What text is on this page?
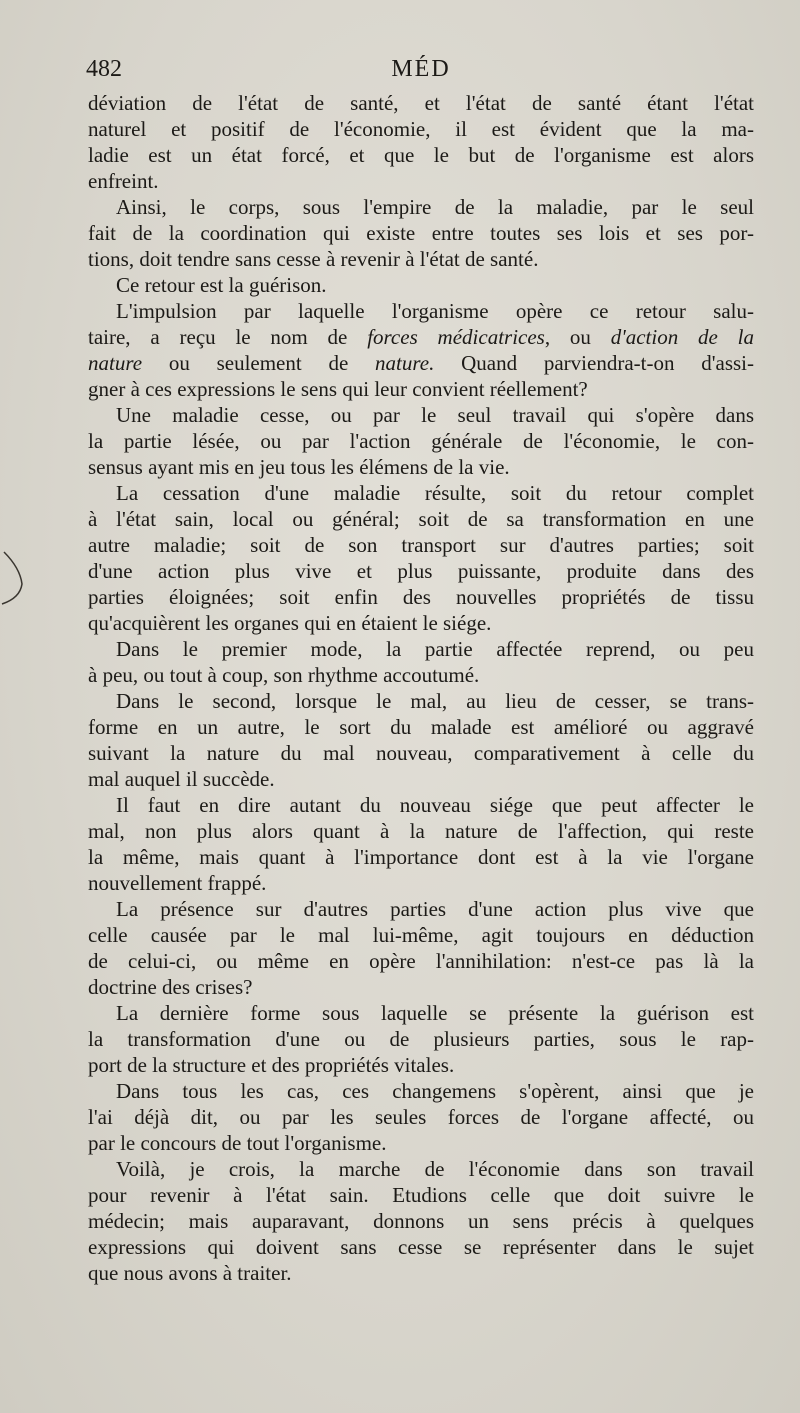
482	MÉD
déviation de l'état de santé, et l'état de santé étant l'état
naturel et positif de l'économie, il est évident que la ma-
ladie est un état forcé, et que le but de l'organisme est alors
enfreint.
Ainsi, le corps, sous l'empire de la maladie, par le seul
fait de la coordination qui existe entre toutes ses lois et ses por-
tions, doit tendre sans cesse à revenir à l'état de santé.
Ce retour est la guérison.
L'impulsion par laquelle l'organisme opère ce retour salu-
taire, a reçu le nom de forces médicatrices, ou d'action de la
nature ou seulement de nature. Quand parviendra-t-on d'assi-
gner à ces expressions le sens qui leur convient réellement?
Une maladie cesse, ou par le seul travail qui s'opère dans
la partie lésée, ou par l'action générale de l'économie, le con-
sensus ayant mis en jeu tous les élémens de la vie.
La cessation d'une maladie résulte, soit du retour complet
à l'état sain, local ou général; soit de sa transformation en une
autre maladie; soit de son transport sur d'autres parties; soit
d'une action plus vive et plus puissante, produite dans des
parties éloignées; soit enfin des nouvelles propriétés de tissu
qu'acquièrent les organes qui en étaient le siége.
Dans le premier mode, la partie affectée reprend, ou peu
à peu, ou tout à coup, son rhythme accoutumé.
Dans le second, lorsque le mal, au lieu de cesser, se trans-
forme en un autre, le sort du malade est amélioré ou aggravé
suivant la nature du mal nouveau, comparativement à celle du
mal auquel il succède.
Il faut en dire autant du nouveau siége que peut affecter le
mal, non plus alors quant à la nature de l'affection, qui reste
la même, mais quant à l'importance dont est à la vie l'organe
nouvellement frappé.
La présence sur d'autres parties d'une action plus vive que
celle causée par le mal lui-même, agit toujours en déduction
de celui-ci, ou même en opère l'annihilation: n'est-ce pas là la
doctrine des crises?
La dernière forme sous laquelle se présente la guérison est
la transformation d'une ou de plusieurs parties, sous le rap-
port de la structure et des propriétés vitales.
Dans tous les cas, ces changemens s'opèrent, ainsi que je
l'ai déjà dit, ou par les seules forces de l'organe affecté, ou
par le concours de tout l'organisme.
Voilà, je crois, la marche de l'économie dans son travail
pour revenir à l'état sain. Etudions celle que doit suivre le
médecin; mais auparavant, donnons un sens précis à quelques
expressions qui doivent sans cesse se représenter dans le sujet
que nous avons à traiter.
